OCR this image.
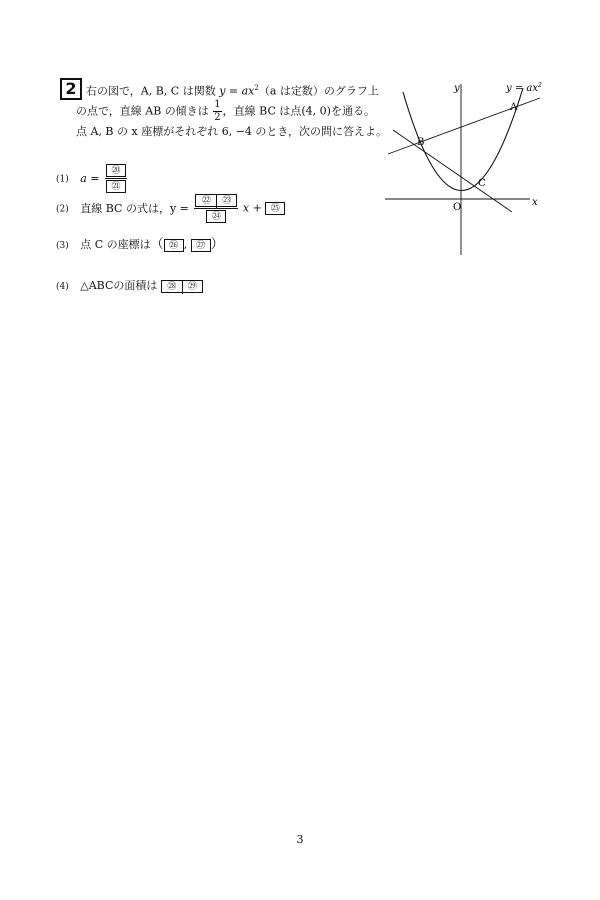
2 右の図で，A, B, C は関数 $y = ax^2(a$ は定数）のグラフ上
の点で，直線 AB の傾きは $\frac{1}{2}$ ，直線 BC は点(4, 0)を通る。
点 A, B の x 座標がそれぞれ 6, −4 のとき，次の問に答えよ。
(1) $a = \frac{\text{⑳}}{\text{㉑}}$
(2) 直線 BC の式は，$y = \frac{\text{㉒ ㉓}}{\text{㉔}}$ x + ㉕
(3) 点 C の座標は（ ㉖ , ㉗ ）
(4) △ABCの面積は ㉘ ㉙
y
x
O
$y = ax^2$
A
B
C
3
